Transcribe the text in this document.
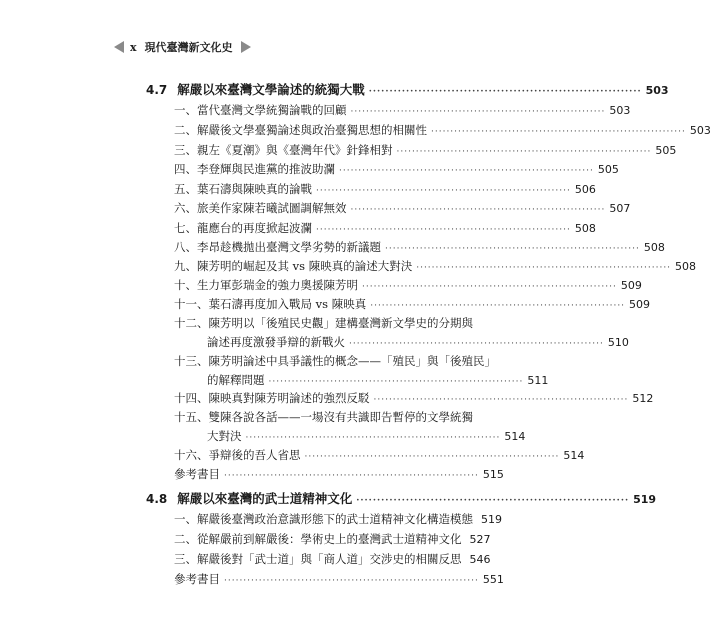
x 現代臺灣新文化史
4.7 解嚴以來臺灣文學論述的統獨大戰 ·································································· 503
一、當代臺灣文學統獨論戰的回顧 ·································································· 503
二、解嚴後文學臺獨論述與政治臺獨思想的相關性 ·································································· 503
三、親左《夏潮》與《臺灣年代》針鋒相對 ·································································· 505
四、李登輝與民進黨的推波助瀾 ·································································· 505
五、葉石濤與陳映真的論戰 ·································································· 506
六、旅美作家陳若曦試圖調解無效 ·································································· 507
七、龍應台的再度掀起波瀾 ·································································· 508
八、李昂趁機拋出臺灣文學劣勢的新議題 ·································································· 508
九、陳芳明的崛起及其 vs 陳映真的論述大對決 ·································································· 508
十、生力軍彭瑞金的強力奧援陳芳明 ·································································· 509
十一、葉石濤再度加入戰局 vs 陳映真 ·································································· 509
十二、陳芳明以「後殖民史觀」建構臺灣新文學史的分期與
論述再度激發爭辯的新戰火 ·································································· 510
十三、陳芳明論述中具爭議性的概念——「殖民」與「後殖民」
的解釋問題 ·································································· 511
十四、陳映真對陳芳明論述的強烈反駁 ·································································· 512
十五、雙陳各說各話——一場沒有共識即告暫停的文學統獨
大對決 ·································································· 514
十六、爭辯後的吾人省思 ·································································· 514
參考書目 ·································································· 515
4.8 解嚴以來臺灣的武士道精神文化 ·································································· 519
一、解嚴後臺灣政治意識形態下的武士道精神文化構造模態 519
二、從解嚴前到解嚴後：學術史上的臺灣武士道精神文化 527
三、解嚴後對「武士道」與「商人道」交涉史的相關反思 546
參考書目 ·································································· 551
